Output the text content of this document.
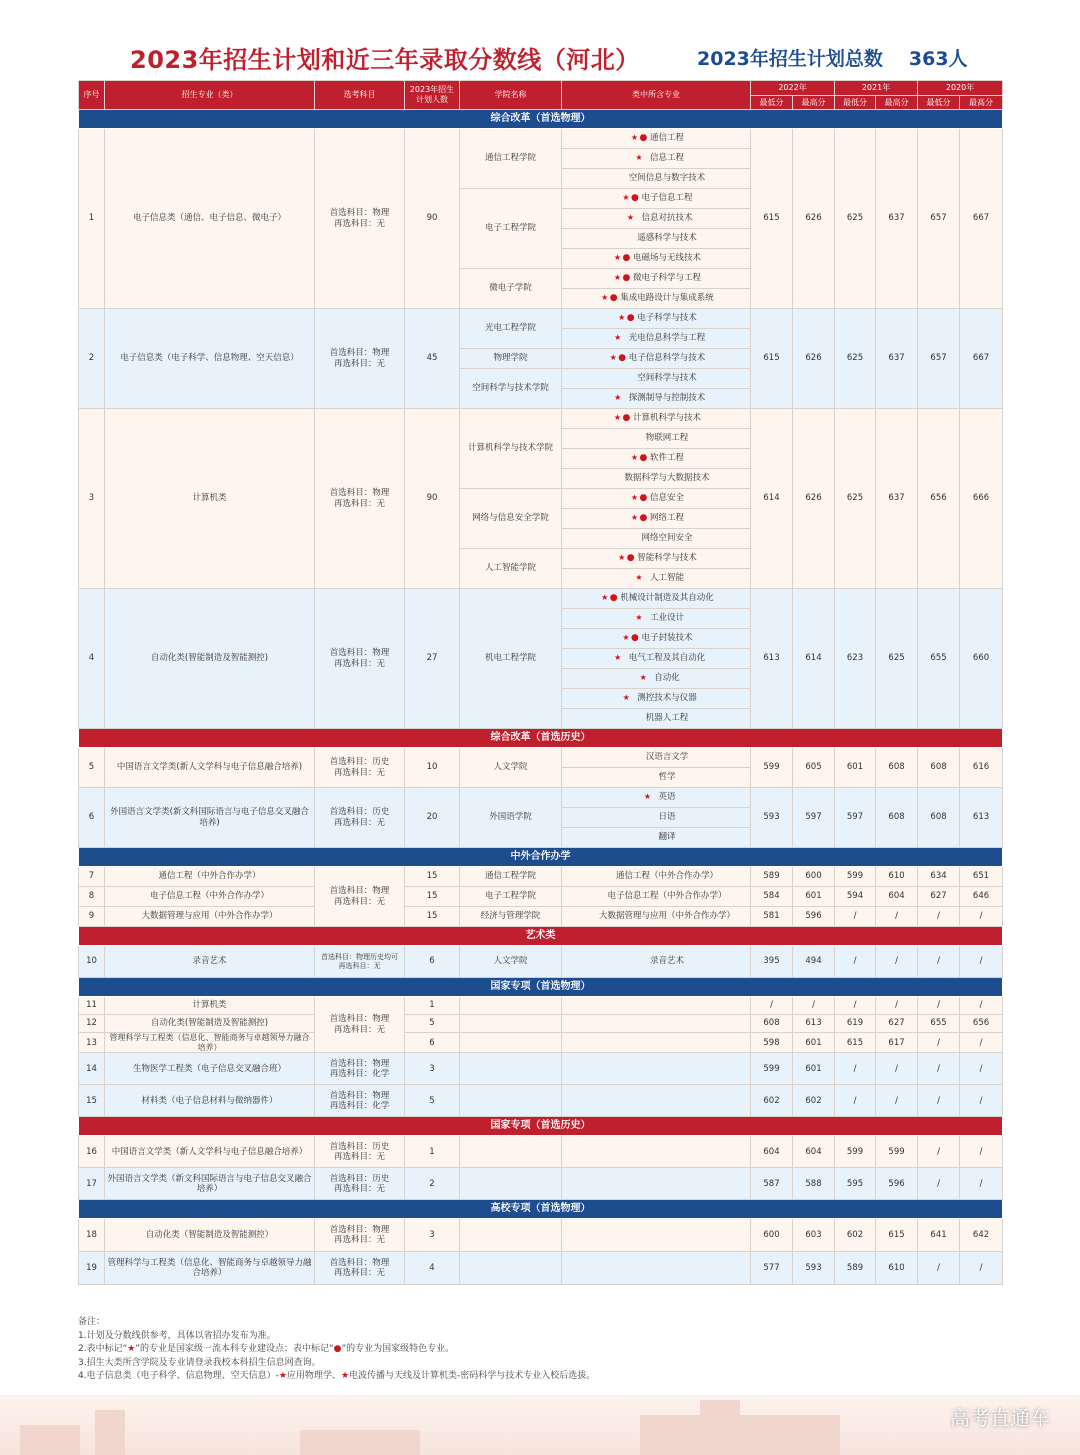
2023年招生计划和近三年录取分数线（河北）	2023年招生计划总数 363人
序号	招生专业（类）	选考科目	2023年招生计划人数	学院名称	类中所含专业	2022年		2021年		2020年	
						最低分	最高分	最低分	最高分	最低分	最高分
综合改革（首选物理）											
1	电子信息类（通信、电子信息、微电子）	首选科目：物理
再选科目：无	90	通信工程学院	★● 通信工程	615	626	625	637	657	667
					★ 信息工程						
					空间信息与数字技术						
				电子工程学院	★● 电子信息工程						
					★ 信息对抗技术						
					遥感科学与技术						
					★● 电磁场与无线技术						
				微电子学院	★● 微电子科学与工程						
					★● 集成电路设计与集成系统						
2	电子信息类（电子科学、信息物理、空天信息）	首选科目：物理
再选科目：无	45	光电工程学院	★● 电子科学与技术	615	626	625	637	657	667
					★ 光电信息科学与工程						
				物理学院	★● 电子信息科学与技术						
				空间科学与技术学院	空间科学与技术						
					★ 探测制导与控制技术						
3	计算机类	首选科目：物理
再选科目：无	90	计算机科学与技术学院	★● 计算机科学与技术	614	626	625	637	656	666
					物联网工程						
					★● 软件工程						
					数据科学与大数据技术						
				网络与信息安全学院	★● 信息安全						
					★● 网络工程						
					网络空间安全						
				人工智能学院	★● 智能科学与技术						
					★ 人工智能						
4	自动化类(智能制造及智能测控)	首选科目：物理
再选科目：无	27	机电工程学院	★● 机械设计制造及其自动化	613	614	623	625	655	660
					★ 工业设计						
					★● 电子封装技术						
					★ 电气工程及其自动化						
					★ 自动化						
					★ 测控技术与仪器						
					机器人工程						
综合改革（首选历史）											
5	中国语言文学类(新人文学科与电子信息融合培养)	首选科目：历史
再选科目：无	10	人文学院	汉语言文学	599	605	601	608	608	616
					哲学						
6	外国语言文学类(新文科国际语言与电子信息交叉融合培养)	首选科目：历史
再选科目：无	20	外国语学院	★ 英语	593	597	597	608	608	613
					日语						
					翻译						
中外合作办学											
7	通信工程（中外合作办学）	首选科目：物理
再选科目：无	15	通信工程学院	通信工程（中外合作办学）	589	600	599	610	634	651
8	电子信息工程（中外合作办学）		15	电子工程学院	电子信息工程（中外合作办学）	584	601	594	604	627	646
9	大数据管理与应用（中外合作办学）		15	经济与管理学院	大数据管理与应用（中外合作办学）	581	596	/	/	/	/
艺术类											
10	录音艺术	首选科目：物理历史均可
再选科目：无	6	人文学院	录音艺术	395	494	/	/	/	/
国家专项（首选物理）											
11	计算机类	首选科目：物理
再选科目：无	1			/	/	/	/	/	/
12	自动化类(智能制造及智能测控)		5			608	613	619	627	655	656
13	管理科学与工程类（信息化、智能商务与卓越领导力融合培养）		6			598	601	615	617	/	/
14	生物医学工程类（电子信息交叉融合班）	首选科目：物理
再选科目：化学	3			599	601	/	/	/	/
15	材料类（电子信息材料与微纳器件）	首选科目：物理
再选科目：化学	5			602	602	/	/	/	/
国家专项（首选历史）											
16	中国语言文学类（新人文学科与电子信息融合培养）	首选科目：历史
再选科目：无	1			604	604	599	599	/	/
17	外国语言文学类（新文科国际语言与电子信息交叉融合培养）	首选科目：历史
再选科目：无	2			587	588	595	596	/	/
高校专项（首选物理）											
18	自动化类（智能制造及智能测控）	首选科目：物理
再选科目：无	3			600	603	602	615	641	642
19	管理科学与工程类（信息化、智能商务与卓越领导力融合培养）	首选科目：物理
再选科目：无	4			577	593	589	610	/	/
备注：
1.计划及分数线供参考，具体以省招办发布为准。
2.表中标记“★”的专业是国家级一流本科专业建设点；表中标记“●”的专业为国家级特色专业。
3.招生大类所含学院及专业请登录我校本科招生信息网查询。
4.电子信息类（电子科学、信息物理、空天信息）-★应用物理学、★电波传播与天线及计算机类-密码科学与技术专业入校后选拔。
高考直通车
